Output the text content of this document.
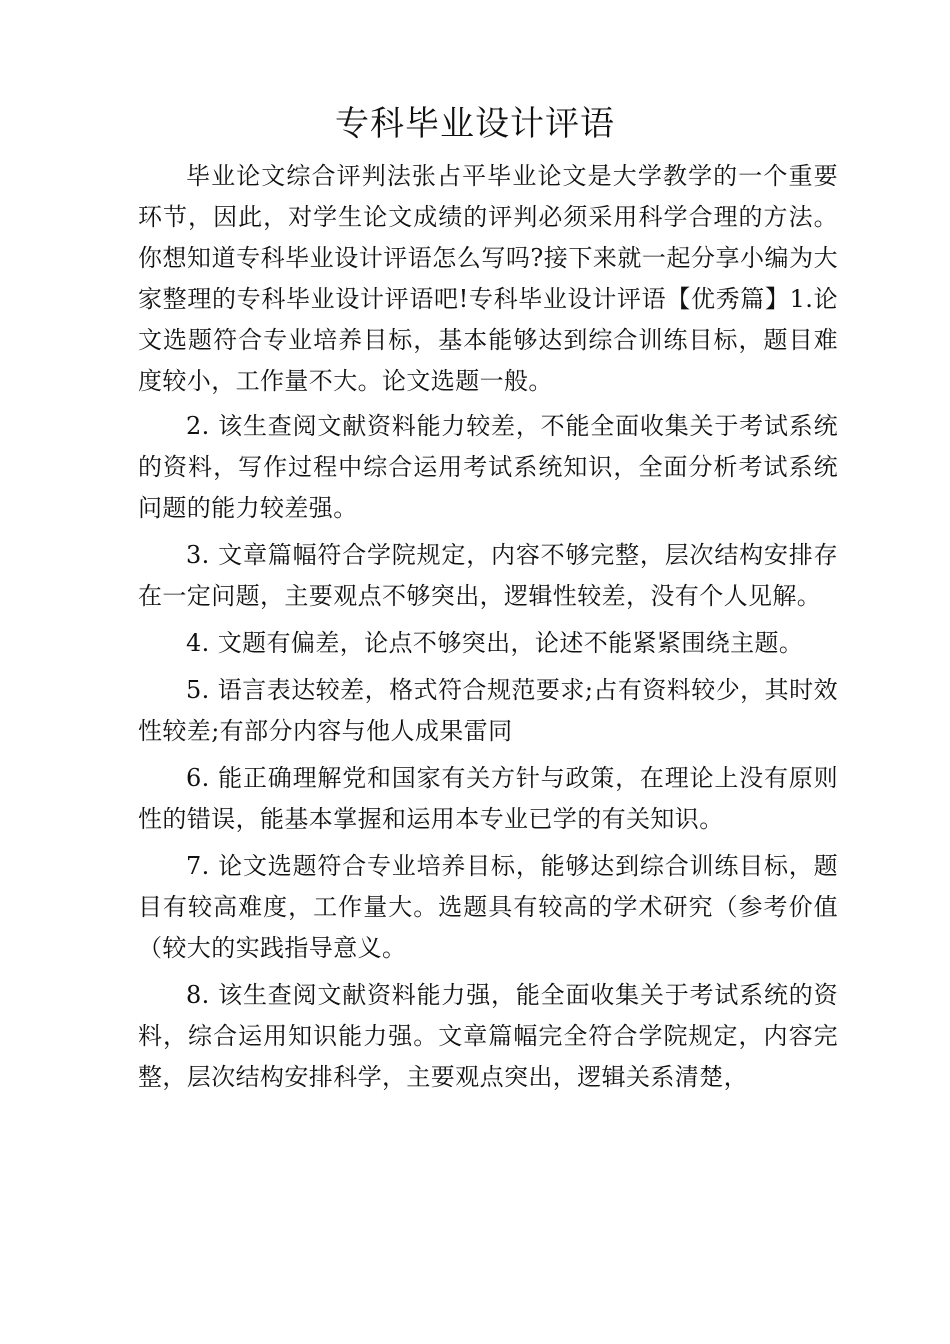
专科毕业设计评语

毕业论文综合评判法张占平毕业论文是大学教学的一个重要环节，因此，对学生论文成绩的评判必须采用科学合理的方法。你想知道专科毕业设计评语怎么写吗?接下来就一起分享小编为大家整理的专科毕业设计评语吧!专科毕业设计评语【优秀篇】1.论文选题符合专业培养目标，基本能够达到综合训练目标，题目难度较小，工作量不大。论文选题一般。

2. 该生查阅文献资料能力较差，不能全面收集关于考试系统的资料，写作过程中综合运用考试系统知识，全面分析考试系统问题的能力较差强。

3. 文章篇幅符合学院规定，内容不够完整，层次结构安排存在一定问题，主要观点不够突出，逻辑性较差，没有个人见解。

4. 文题有偏差，论点不够突出，论述不能紧紧围绕主题。

5. 语言表达较差，格式符合规范要求;占有资料较少，其时效性较差;有部分内容与他人成果雷同

6. 能正确理解党和国家有关方针与政策，在理论上没有原则性的错误，能基本掌握和运用本专业已学的有关知识。

7. 论文选题符合专业培养目标，能够达到综合训练目标，题目有较高难度，工作量大。选题具有较高的学术研究（参考价值（较大的实践指导意义。

8. 该生查阅文献资料能力强，能全面收集关于考试系统的资料，综合运用知识能力强。文章篇幅完全符合学院规定，内容完整，层次结构安排科学，主要观点突出，逻辑关系清楚，
